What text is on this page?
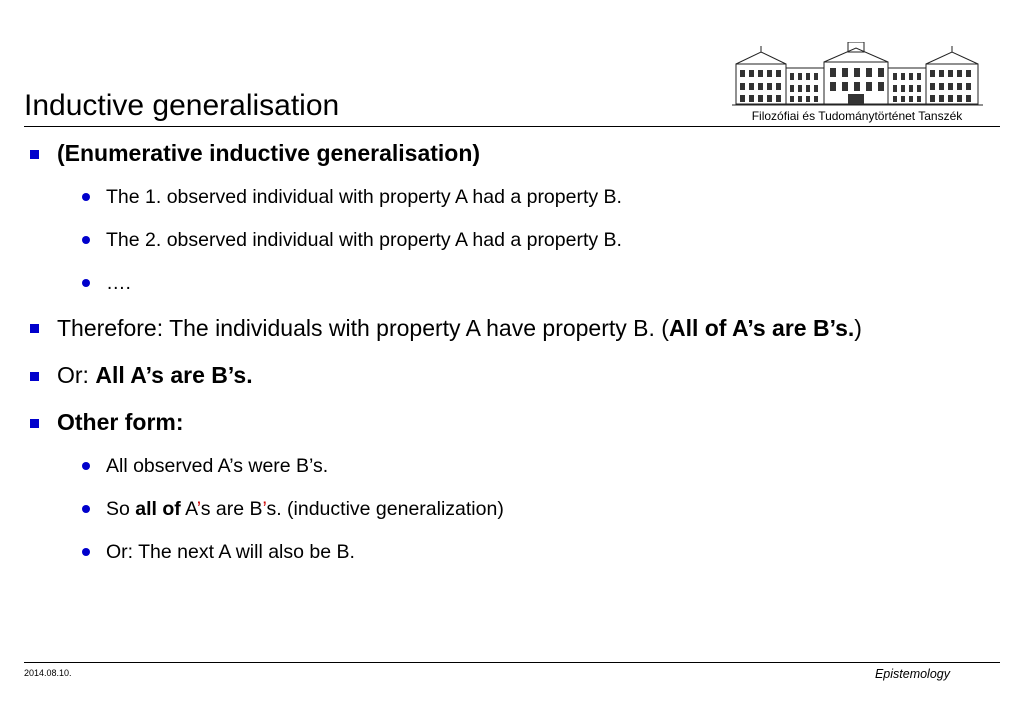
Inductive generalisation	Filozófiai és Tudománytörténet Tanszék
(Enumerative inductive generalisation)
The 1. observed individual with property A had a property B.
The 2. observed individual with property A had a property B.
….
Therefore: The individuals with property A have property B. (All of A’s are B’s.)
Or: All A’s are B’s.
Other form:
All observed A’s were B’s.
So all of A’s are B’s. (inductive generalization)
Or: The next A will also be B.
2014.08.10.	Epistemology
